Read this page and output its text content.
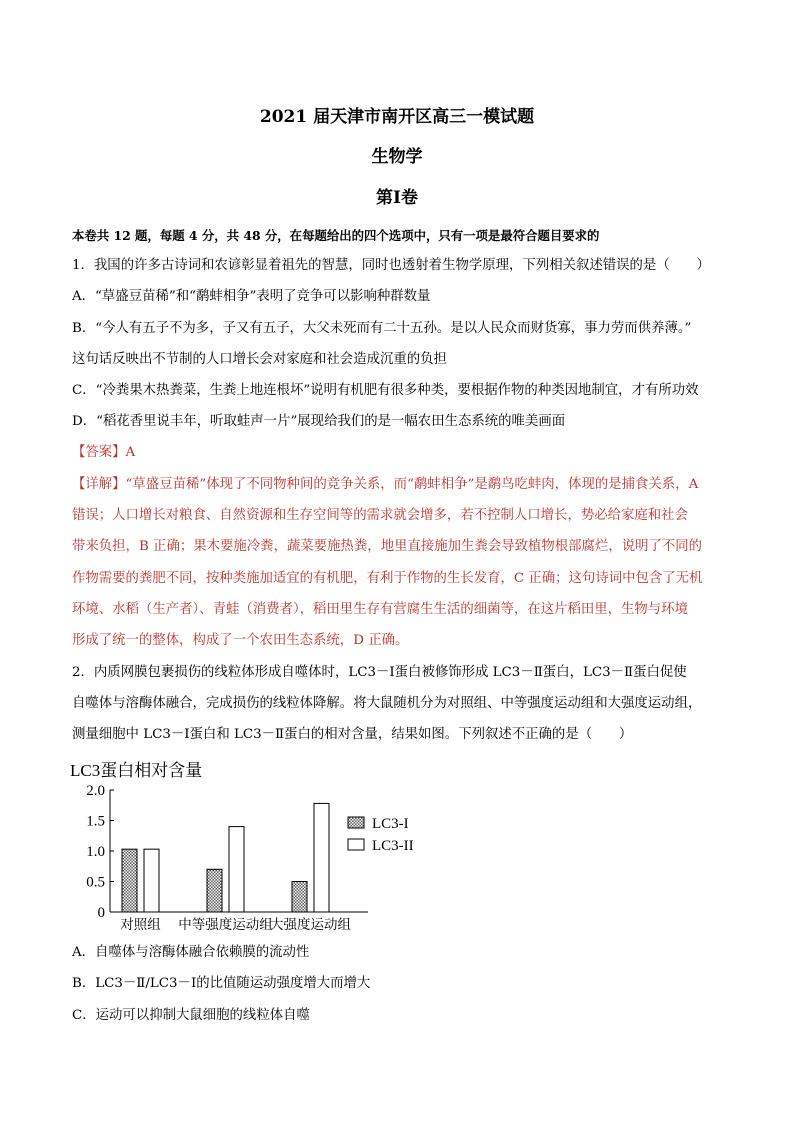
2021 届天津市南开区高三一模试题
生物学
第Ⅰ卷
本卷共 12 题，每题 4 分，共 48 分，在每题给出的四个选项中，只有一项是最符合题目要求的
1．我国的许多古诗词和农谚彰显着祖先的智慧，同时也透射着生物学原理，下列相关叙述错误的是（　　）
A．“草盛豆苗稀”和“鹬蚌相争”表明了竞争可以影响种群数量
B．“今人有五子不为多，子又有五子，大父未死而有二十五孙。是以人民众而财货寡，事力劳而供养薄。”
这句话反映出不节制的人口增长会对家庭和社会造成沉重的负担
C．“冷粪果木热粪菜，生粪上地连根坏”说明有机肥有很多种类，要根据作物的种类因地制宜，才有所功效
D．“稻花香里说丰年，听取蛙声一片”展现给我们的是一幅农田生态系统的唯美画面
【答案】A
【详解】“草盛豆苗稀”体现了不同物种间的竞争关系，而“鹬蚌相争”是鹬鸟吃蚌肉，体现的是捕食关系，A
错误；人口增长对粮食、自然资源和生存空间等的需求就会增多，若不控制人口增长，势必给家庭和社会
带来负担，B 正确；果木要施冷粪，蔬菜要施热粪，地里直接施加生粪会导致植物根部腐烂，说明了不同的
作物需要的粪肥不同，按种类施加适宜的有机肥，有利于作物的生长发育，C 正确；这句诗词中包含了无机
环境、水稻（生产者）、青蛙（消费者），稻田里生存有营腐生生活的细菌等，在这片稻田里，生物与环境
形成了统一的整体，构成了一个农田生态系统，D 正确。
2．内质网膜包裹损伤的线粒体形成自噬体时，LC3－Ⅰ蛋白被修饰形成 LC3－Ⅱ蛋白，LC3－Ⅱ蛋白促使
自噬体与溶酶体融合，完成损伤的线粒体降解。将大鼠随机分为对照组、中等强度运动组和大强度运动组，
测量细胞中 LC3－Ⅰ蛋白和 LC3－Ⅱ蛋白的相对含量，结果如图。下列叙述不正确的是（　　）
LC3蛋白相对含量
0
0.5
1.0
1.5
2.0
对照组 中等强度运动组
大强度运动组
LC3-I
LC3-II
A．自噬体与溶酶体融合依赖膜的流动性
B．LC3－Ⅱ/LC3－Ⅰ的比值随运动强度增大而增大
C．运动可以抑制大鼠细胞的线粒体自噬
